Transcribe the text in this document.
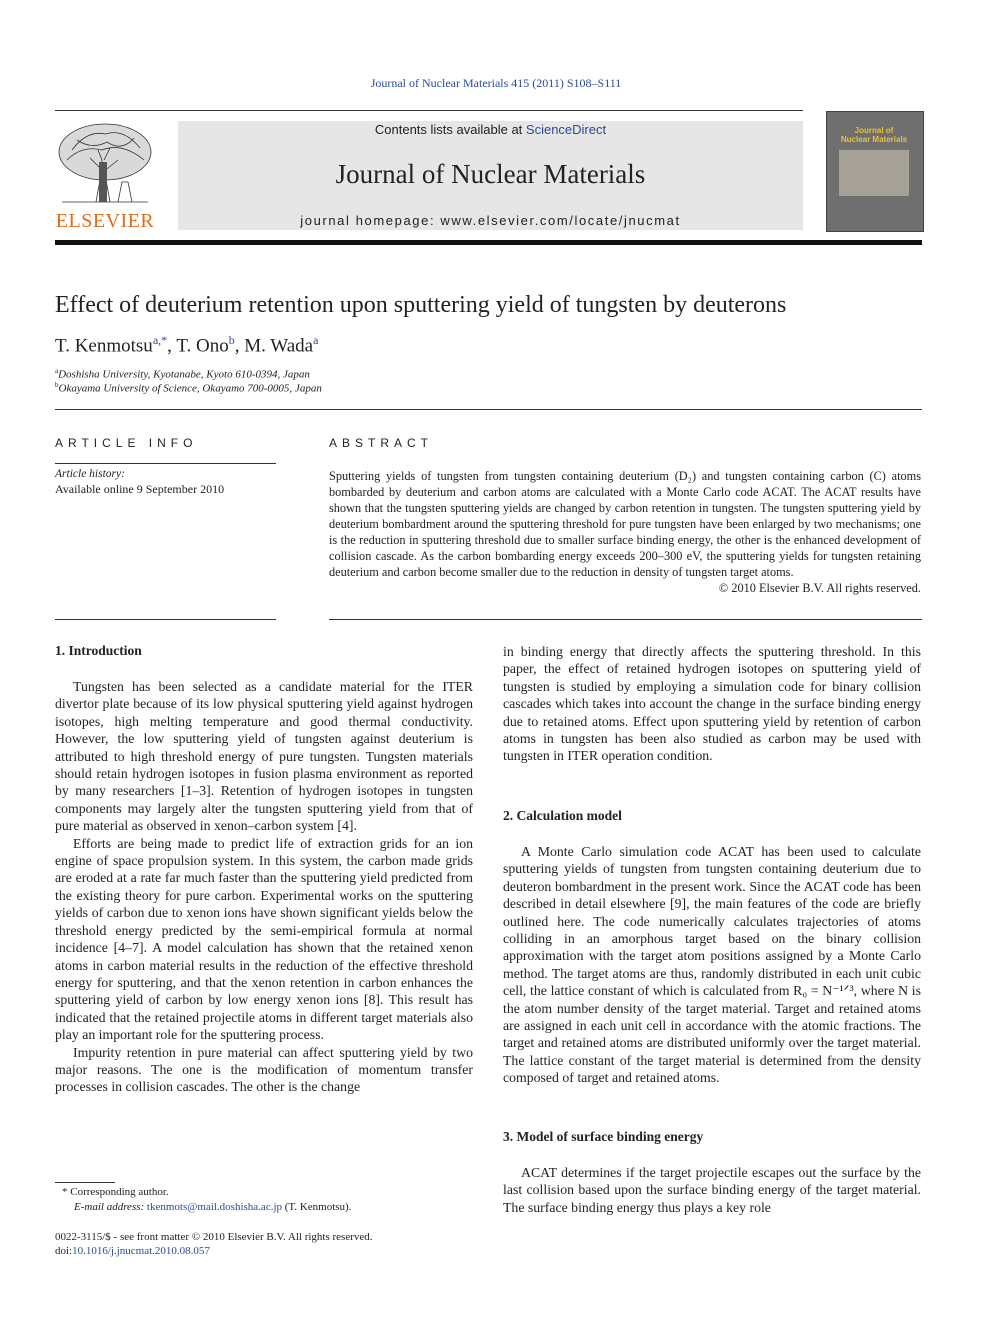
Journal of Nuclear Materials 415 (2011) S108–S111
ELSEVIER
Contents lists available at ScienceDirect
Journal of Nuclear Materials
journal homepage: www.elsevier.com/locate/jnucmat
Journal of
Nuclear Materials
Effect of deuterium retention upon sputtering yield of tungsten by deuterons
T. Kenmotsu$^{a,*}$, T. Ono$^b$, M. Wada$^a$
$^a$Doshisha University, Kyotanabe, Kyoto 610-0394, Japan
$^b$Okayama University of Science, Okayamo 700-0005, Japan
ARTICLE INFO
Article history:
Available online 9 September 2010
ABSTRACT

Sputtering yields of tungsten from tungsten containing deuterium (D₂) and tungsten containing carbon (C) atoms bombarded by deuterium and carbon atoms are calculated with a Monte Carlo code ACAT. The ACAT results have shown that the tungsten sputtering yields are changed by carbon retention in tungsten. The tungsten sputtering yield by deuterium bombardment around the sputtering threshold for pure tungsten have been enlarged by two mechanisms; one is the reduction in sputtering threshold due to smaller surface binding energy, the other is the enhanced development of collision cascade. As the carbon bombarding energy exceeds 200–300 eV, the sputtering yields for tungsten retaining deuterium and carbon become smaller due to the reduction in density of tungsten target atoms.

© 2010 Elsevier B.V. All rights reserved.

1. Introduction

Tungsten has been selected as a candidate material for the ITER divertor plate because of its low physical sputtering yield against hydrogen isotopes, high melting temperature and good thermal conductivity. However, the low sputtering yield of tungsten against deuterium is attributed to high threshold energy of pure tungsten. Tungsten materials should retain hydrogen isotopes in fusion plasma environment as reported by many researchers [1–3]. Retention of hydrogen isotopes in tungsten components may largely alter the tungsten sputtering yield from that of pure material as observed in xenon–carbon system [4].

Efforts are being made to predict life of extraction grids for an ion engine of space propulsion system. In this system, the carbon made grids are eroded at a rate far much faster than the sputtering yield predicted from the existing theory for pure carbon. Experimental works on the sputtering yields of carbon due to xenon ions have shown significant yields below the threshold energy predicted by the semi-empirical formula at normal incidence [4–7]. A model calculation has shown that the retained xenon atoms in carbon material results in the reduction of the effective threshold energy for sputtering, and that the xenon retention in carbon enhances the sputtering yield of carbon by low energy xenon ions [8]. This result has indicated that the retained projectile atoms in different target materials also play an important role for the sputtering process.

Impurity retention in pure material can affect sputtering yield by two major reasons. The one is the modification of momentum transfer processes in collision cascades. The other is the change

in binding energy that directly affects the sputtering threshold. In this paper, the effect of retained hydrogen isotopes on sputtering yield of tungsten is studied by employing a simulation code for binary collision cascades which takes into account the change in the surface binding energy due to retained atoms. Effect upon sputtering yield by retention of carbon atoms in tungsten has been also studied as carbon may be used with tungsten in ITER operation condition.

2. Calculation model

A Monte Carlo simulation code ACAT has been used to calculate sputtering yields of tungsten from tungsten containing deuterium due to deuteron bombardment in the present work. Since the ACAT code has been described in detail elsewhere [9], the main features of the code are briefly outlined here. The code numerically calculates trajectories of atoms colliding in an amorphous target based on the binary collision approximation with the target atom positions assigned by a Monte Carlo method. The target atoms are thus, randomly distributed in each unit cubic cell, the lattice constant of which is calculated from R₀ = N⁻¹ᐟ³, where N is the atom number density of the target material. Target and retained atoms are assigned in each unit cell in accordance with the atomic fractions. The target and retained atoms are distributed uniformly over the target material. The lattice constant of the target material is determined from the density composed of target and retained atoms.

3. Model of surface binding energy

ACAT determines if the target projectile escapes out the surface by the last collision based upon the surface binding energy of the target material. The surface binding energy thus plays a key role

* Corresponding author.
E-mail address: tkenmots@mail.doshisha.ac.jp (T. Kenmotsu).
0022-3115/$ - see front matter © 2010 Elsevier B.V. All rights reserved.
doi:10.1016/j.jnucmat.2010.08.057
